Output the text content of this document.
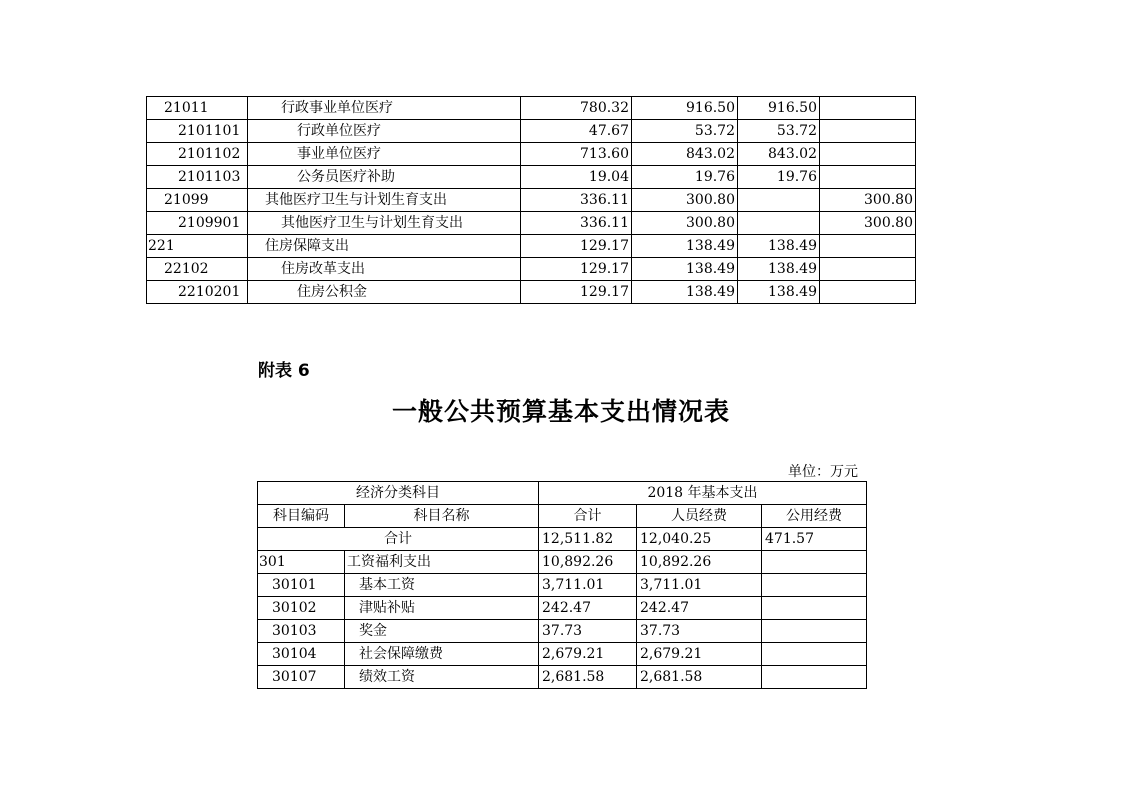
21011	行政事业单位医疗	780.32	916.50	916.50	
2101101	行政单位医疗	47.67	53.72	53.72	
2101102	事业单位医疗	713.60	843.02	843.02	
2101103	公务员医疗补助	19.04	19.76	19.76	
21099	其他医疗卫生与计划生育支出	336.11	300.80		300.80
2109901	其他医疗卫生与计划生育支出	336.11	300.80		300.80
221	住房保障支出	129.17	138.49	138.49	
22102	住房改革支出	129.17	138.49	138.49	
2210201	住房公积金	129.17	138.49	138.49	
附表 6
一般公共预算基本支出情况表
单位：万元
经济分类科目		2018 年基本支出		
科目编码	科目名称	合计	人员经费	公用经费
合计		12,511.82	12,040.25	471.57
301	工资福利支出	10,892.26	10,892.26	
30101	基本工资	3,711.01	3,711.01	
30102	津贴补贴	242.47	242.47	
30103	奖金	37.73	37.73	
30104	社会保障缴费	2,679.21	2,679.21	
30107	绩效工资	2,681.58	2,681.58	
